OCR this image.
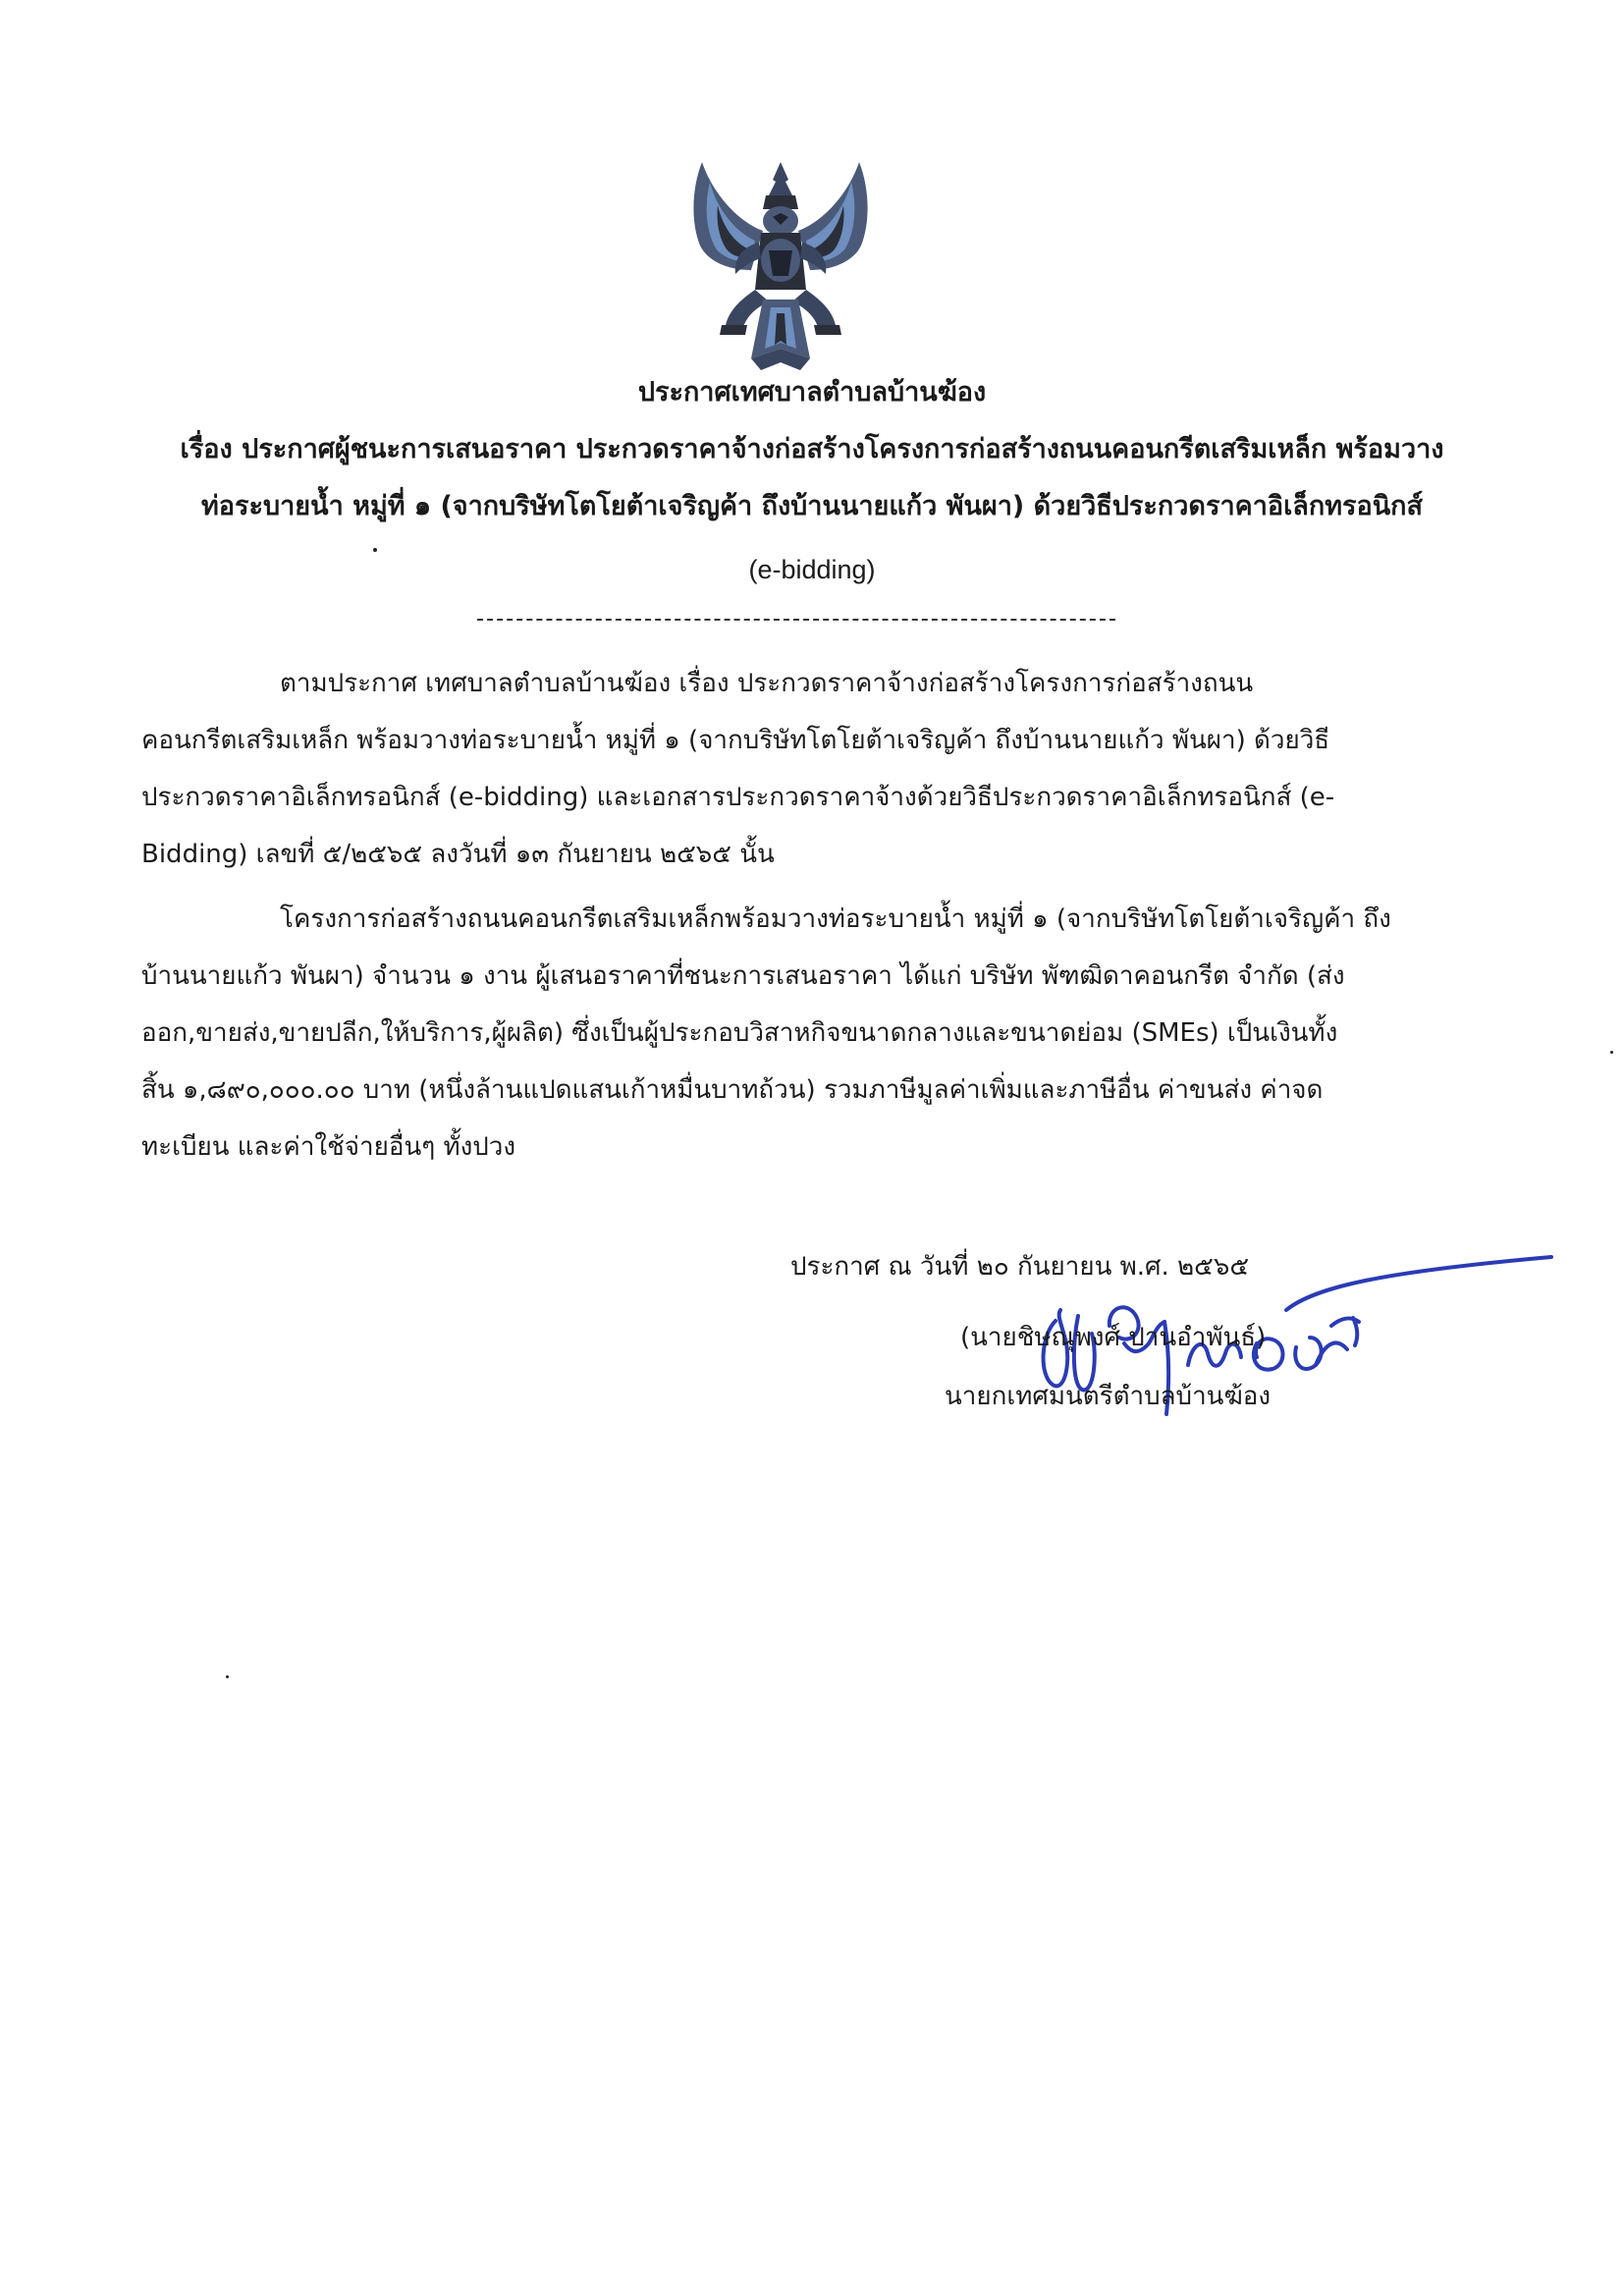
ประกาศเทศบาลตำบลบ้านฆ้อง
เรื่อง ประกาศผู้ชนะการเสนอราคา ประกวดราคาจ้างก่อสร้างโครงการก่อสร้างถนนคอนกรีตเสริมเหล็ก พร้อมวาง
ท่อระบายน้ำ หมู่ที่ ๑ (จากบริษัทโตโยต้าเจริญค้า ถึงบ้านนายแก้ว พันผา) ด้วยวิธีประกวดราคาอิเล็กทรอนิกส์
(e-bidding)
ตามประกาศ เทศบาลตำบลบ้านฆ้อง เรื่อง ประกวดราคาจ้างก่อสร้างโครงการก่อสร้างถนน
คอนกรีตเสริมเหล็ก พร้อมวางท่อระบายน้ำ หมู่ที่ ๑ (จากบริษัทโตโยต้าเจริญค้า ถึงบ้านนายแก้ว พันผา) ด้วยวิธี
ประกวดราคาอิเล็กทรอนิกส์ (e-bidding) และเอกสารประกวดราคาจ้างด้วยวิธีประกวดราคาอิเล็กทรอนิกส์ (e-
Bidding) เลขที่ ๕/๒๕๖๕ ลงวันที่ ๑๓ กันยายน ๒๕๖๕ นั้น
โครงการก่อสร้างถนนคอนกรีตเสริมเหล็กพร้อมวางท่อระบายน้ำ หมู่ที่ ๑ (จากบริษัทโตโยต้าเจริญค้า ถึง
บ้านนายแก้ว พันผา) จำนวน ๑ งาน ผู้เสนอราคาที่ชนะการเสนอราคา ได้แก่ บริษัท พัฑฒิดาคอนกรีต จำกัด (ส่ง
ออก,ขายส่ง,ขายปลีก,ให้บริการ,ผู้ผลิต) ซึ่งเป็นผู้ประกอบวิสาหกิจขนาดกลางและขนาดย่อม (SMEs) เป็นเงินทั้ง
สิ้น ๑,๘๙๐,๐๐๐.๐๐ บาท (หนึ่งล้านแปดแสนเก้าหมื่นบาทถ้วน) รวมภาษีมูลค่าเพิ่มและภาษีอื่น ค่าขนส่ง ค่าจด
ทะเบียน และค่าใช้จ่ายอื่นๆ ทั้งปวง
ประกาศ ณ วันที่ ๒๐ กันยายน พ.ศ. ๒๕๖๕
(นายชิษณุพงศ์ ปานอำพันธ์)
นายกเทศมนตรีตำบลบ้านฆ้อง
